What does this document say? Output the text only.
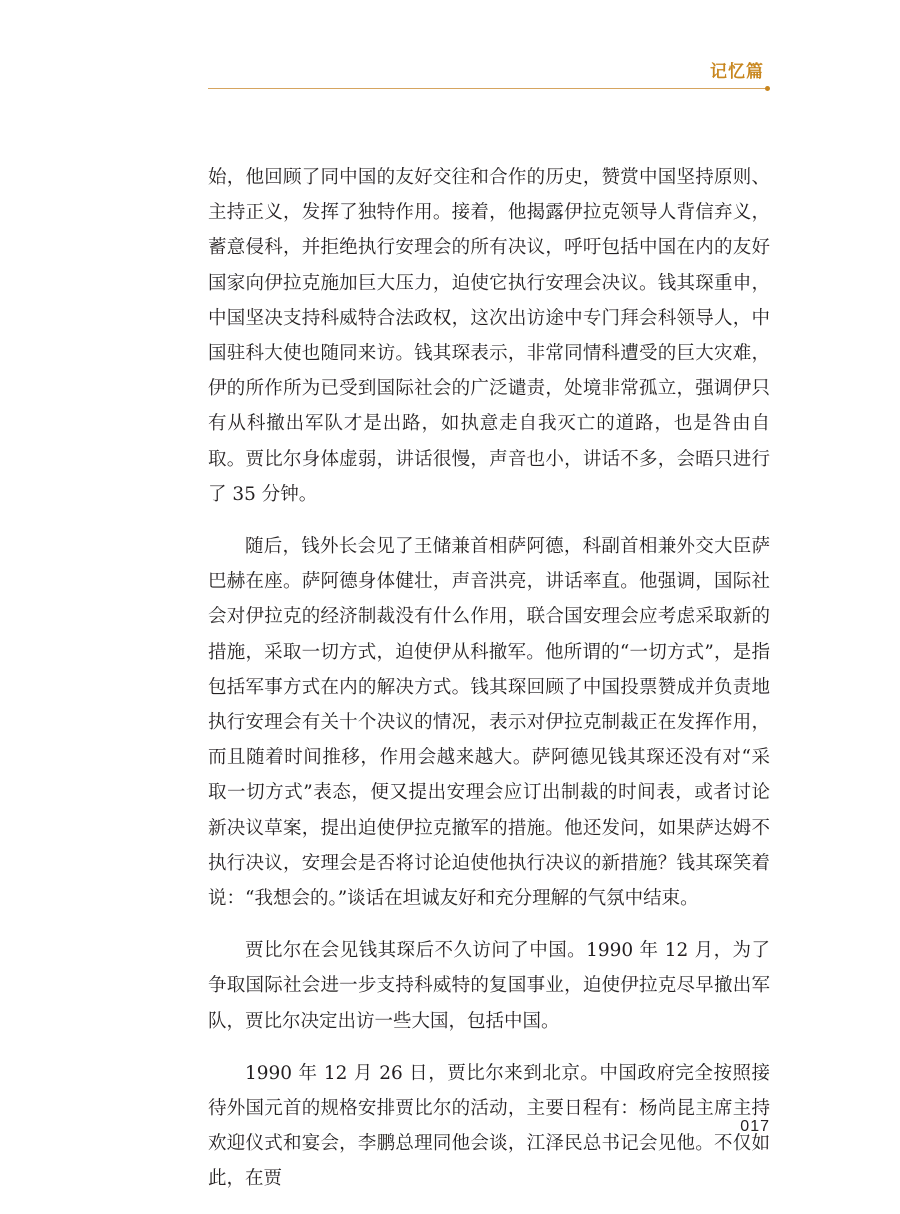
记忆篇

始，他回顾了同中国的友好交往和合作的历史，赞赏中国坚持原则、主持正义，发挥了独特作用。接着，他揭露伊拉克领导人背信弃义，蓄意侵科，并拒绝执行安理会的所有决议，呼吁包括中国在内的友好国家向伊拉克施加巨大压力，迫使它执行安理会决议。钱其琛重申，中国坚决支持科威特合法政权，这次出访途中专门拜会科领导人，中国驻科大使也随同来访。钱其琛表示，非常同情科遭受的巨大灾难，伊的所作所为已受到国际社会的广泛谴责，处境非常孤立，强调伊只有从科撤出军队才是出路，如执意走自我灭亡的道路，也是咎由自取。贾比尔身体虚弱，讲话很慢，声音也小，讲话不多，会晤只进行了 35 分钟。

随后，钱外长会见了王储兼首相萨阿德，科副首相兼外交大臣萨巴赫在座。萨阿德身体健壮，声音洪亮，讲话率直。他强调，国际社会对伊拉克的经济制裁没有什么作用，联合国安理会应考虑采取新的措施，采取一切方式，迫使伊从科撤军。他所谓的“一切方式”，是指包括军事方式在内的解决方式。钱其琛回顾了中国投票赞成并负责地执行安理会有关十个决议的情况，表示对伊拉克制裁正在发挥作用，而且随着时间推移，作用会越来越大。萨阿德见钱其琛还没有对“采取一切方式”表态，便又提出安理会应订出制裁的时间表，或者讨论新决议草案，提出迫使伊拉克撤军的措施。他还发问，如果萨达姆不执行决议，安理会是否将讨论迫使他执行决议的新措施？钱其琛笑着说：“我想会的。”谈话在坦诚友好和充分理解的气氛中结束。

贾比尔在会见钱其琛后不久访问了中国。1990 年 12 月，为了争取国际社会进一步支持科威特的复国事业，迫使伊拉克尽早撤出军队，贾比尔决定出访一些大国，包括中国。

1990 年 12 月 26 日，贾比尔来到北京。中国政府完全按照接待外国元首的规格安排贾比尔的活动，主要日程有：杨尚昆主席主持欢迎仪式和宴会，李鹏总理同他会谈，江泽民总书记会见他。不仅如此，在贾

017
